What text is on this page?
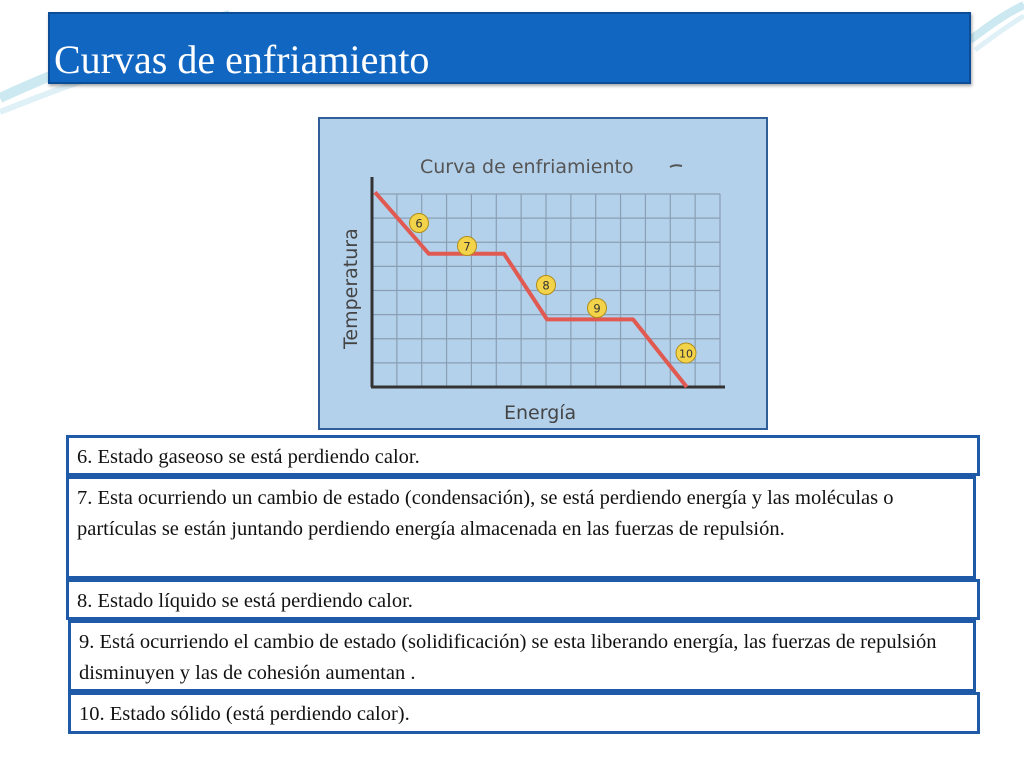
Curvas de enfriamiento
Curva de enfriamiento
Temperatura
Energía
6
7
8
9
10
6. Estado gaseoso se está perdiendo calor.
7. Esta ocurriendo un cambio de estado (condensación), se está perdiendo energía y las moléculas o partículas se están juntando perdiendo energía almacenada en las fuerzas de repulsión.
8. Estado líquido se está perdiendo calor.
9. Está ocurriendo el cambio de estado (solidificación) se esta liberando energía, las fuerzas de repulsión disminuyen y las de cohesión aumentan .
10. Estado sólido (está perdiendo calor).
